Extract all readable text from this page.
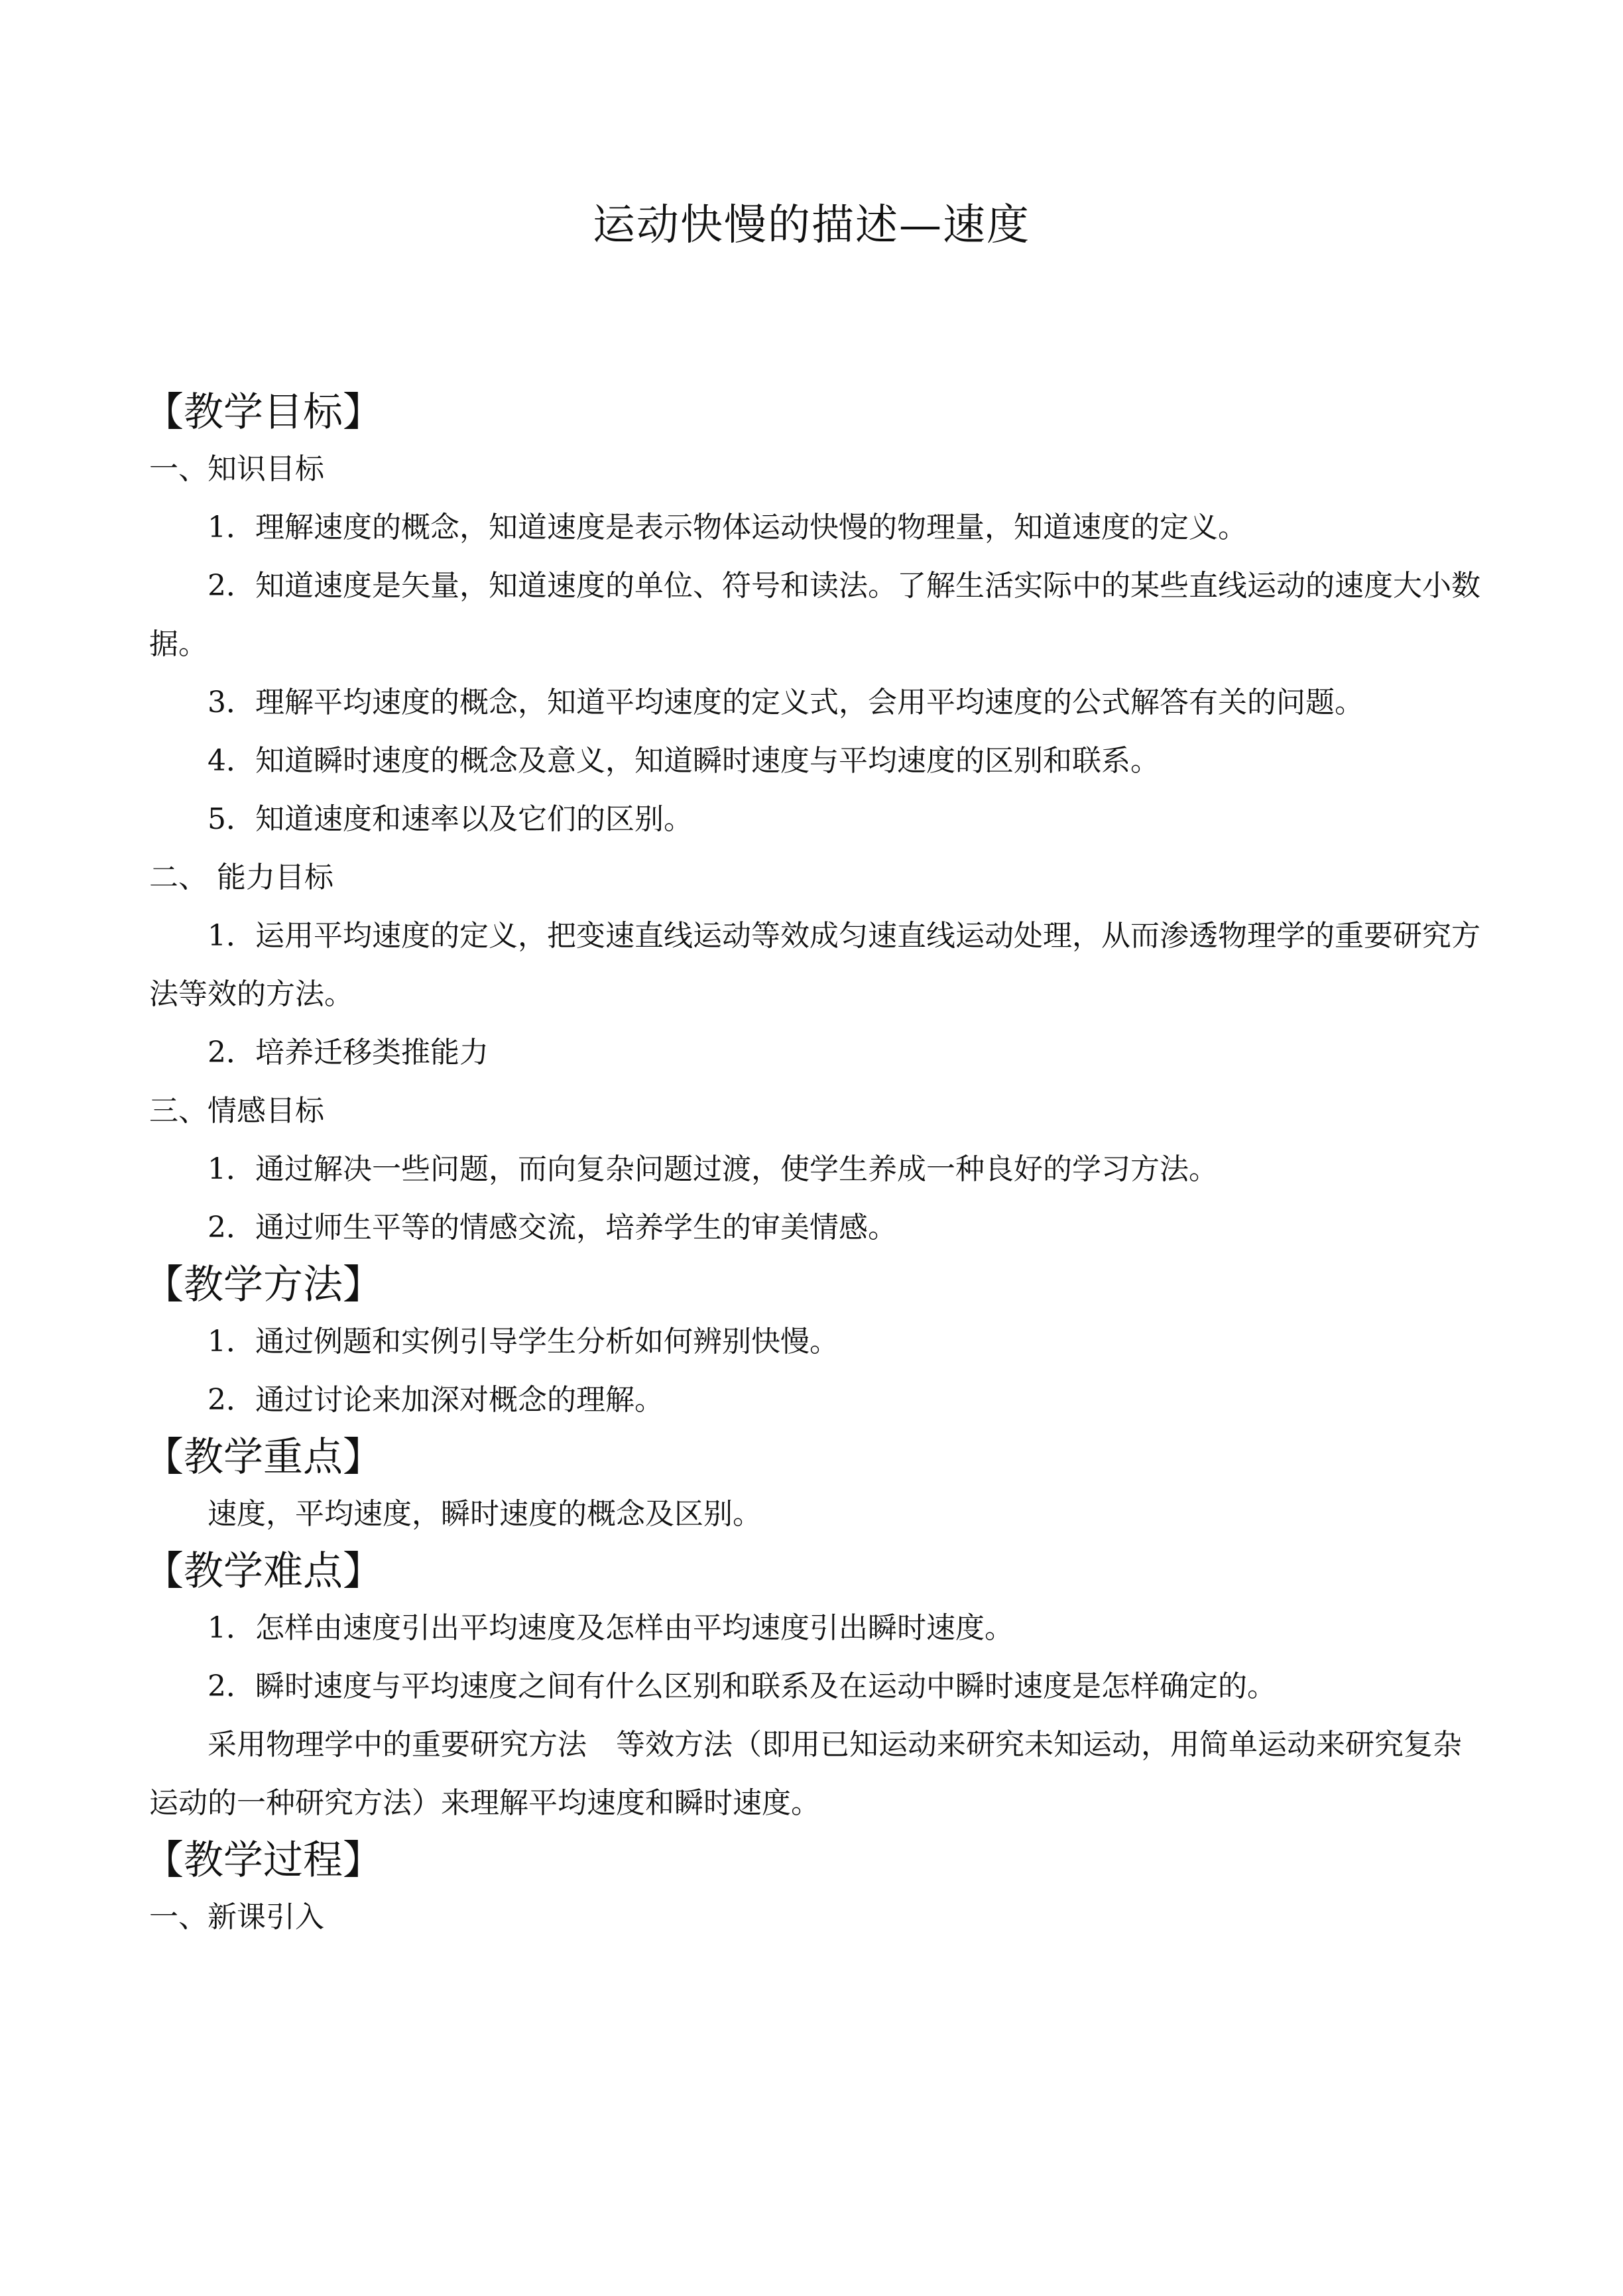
运动快慢的描述—速度
【教学目标】
一、知识目标
1．理解速度的概念，知道速度是表示物体运动快慢的物理量，知道速度的定义。
2．知道速度是矢量，知道速度的单位、符号和读法。了解生活实际中的某些直线运动的速度大小数据。
3．理解平均速度的概念，知道平均速度的定义式，会用平均速度的公式解答有关的问题。
4．知道瞬时速度的概念及意义，知道瞬时速度与平均速度的区别和联系。
5．知道速度和速率以及它们的区别。
二、 能力目标
1．运用平均速度的定义，把变速直线运动等效成匀速直线运动处理，从而渗透物理学的重要研究方法等效的方法。
2．培养迁移类推能力
三、情感目标
1．通过解决一些问题，而向复杂问题过渡，使学生养成一种良好的学习方法。
2．通过师生平等的情感交流，培养学生的审美情感。
【教学方法】
1．通过例题和实例引导学生分析如何辨别快慢。
2．通过讨论来加深对概念的理解。
【教学重点】
速度，平均速度，瞬时速度的概念及区别。
【教学难点】
1．怎样由速度引出平均速度及怎样由平均速度引出瞬时速度。
2．瞬时速度与平均速度之间有什么区别和联系及在运动中瞬时速度是怎样确定的。
采用物理学中的重要研究方法 等效方法（即用已知运动来研究未知运动，用简单运动来研究复杂运动的一种研究方法）来理解平均速度和瞬时速度。
【教学过程】
一、新课引入
